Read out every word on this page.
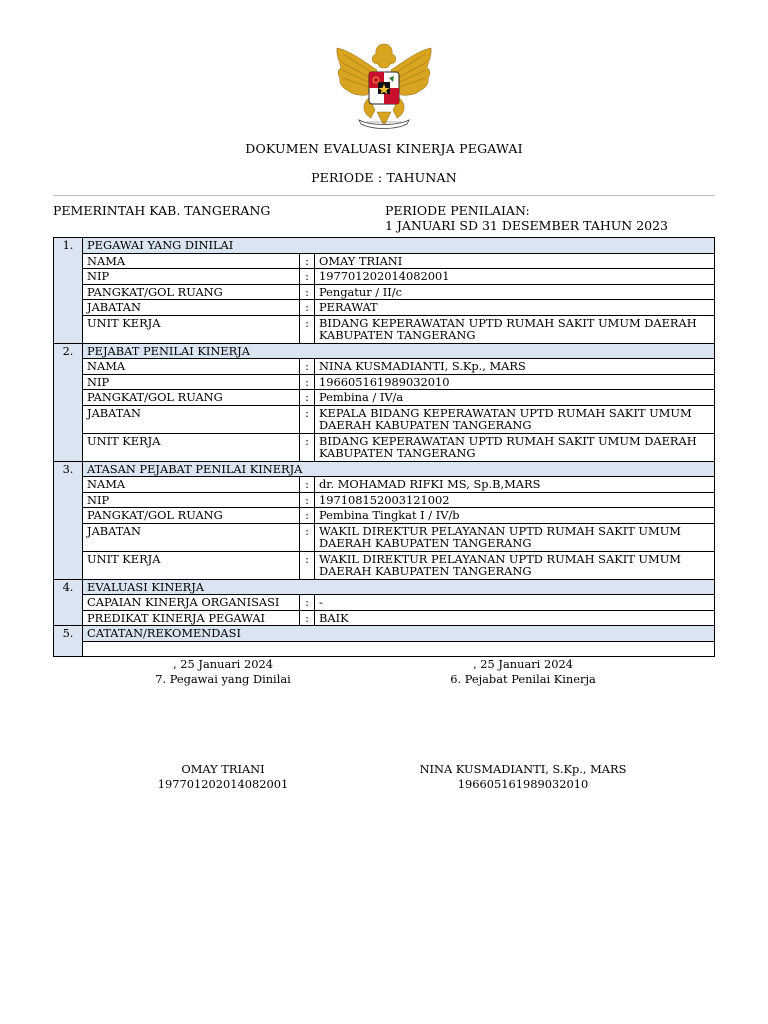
DOKUMEN EVALUASI KINERJA PEGAWAI
PERIODE : TAHUNAN
PEMERINTAH KAB. TANGERANG	PERIODE PENILAIAN:
1 JANUARI SD 31 DESEMBER TAHUN 2023
1.	PEGAWAI YANG DINILAI		
	NAMA	:	OMAY TRIANI
	NIP	:	197701202014082001
	PANGKAT/GOL RUANG	:	Pengatur / II/c
	JABATAN	:	PERAWAT
	UNIT KERJA	:	BIDANG KEPERAWATAN UPTD RUMAH SAKIT UMUM DAERAH KABUPATEN TANGERANG
2.	PEJABAT PENILAI KINERJA		
	NAMA	:	NINA KUSMADIANTI, S.Kp., MARS
	NIP	:	196605161989032010
	PANGKAT/GOL RUANG	:	Pembina / IV/a
	JABATAN	:	KEPALA BIDANG KEPERAWATAN UPTD RUMAH SAKIT UMUM DAERAH KABUPATEN TANGERANG
	UNIT KERJA	:	BIDANG KEPERAWATAN UPTD RUMAH SAKIT UMUM DAERAH KABUPATEN TANGERANG
3.	ATASAN PEJABAT PENILAI KINERJA		
	NAMA	:	dr. MOHAMAD RIFKI MS, Sp.B,MARS
	NIP	:	197108152003121002
	PANGKAT/GOL RUANG	:	Pembina Tingkat I / IV/b
	JABATAN	:	WAKIL DIREKTUR PELAYANAN UPTD RUMAH SAKIT UMUM DAERAH KABUPATEN TANGERANG
	UNIT KERJA	:	WAKIL DIREKTUR PELAYANAN UPTD RUMAH SAKIT UMUM DAERAH KABUPATEN TANGERANG
4.	EVALUASI KINERJA		
	CAPAIAN KINERJA ORGANISASI	:	-
	PREDIKAT KINERJA PEGAWAI	:	BAIK
5.	CATATAN/REKOMENDASI		

, 25 Januari 2024
7. Pegawai yang Dinilai
OMAY TRIANI
197701202014082001
, 25 Januari 2024
6. Pejabat Penilai Kinerja
NINA KUSMADIANTI, S.Kp., MARS
196605161989032010
